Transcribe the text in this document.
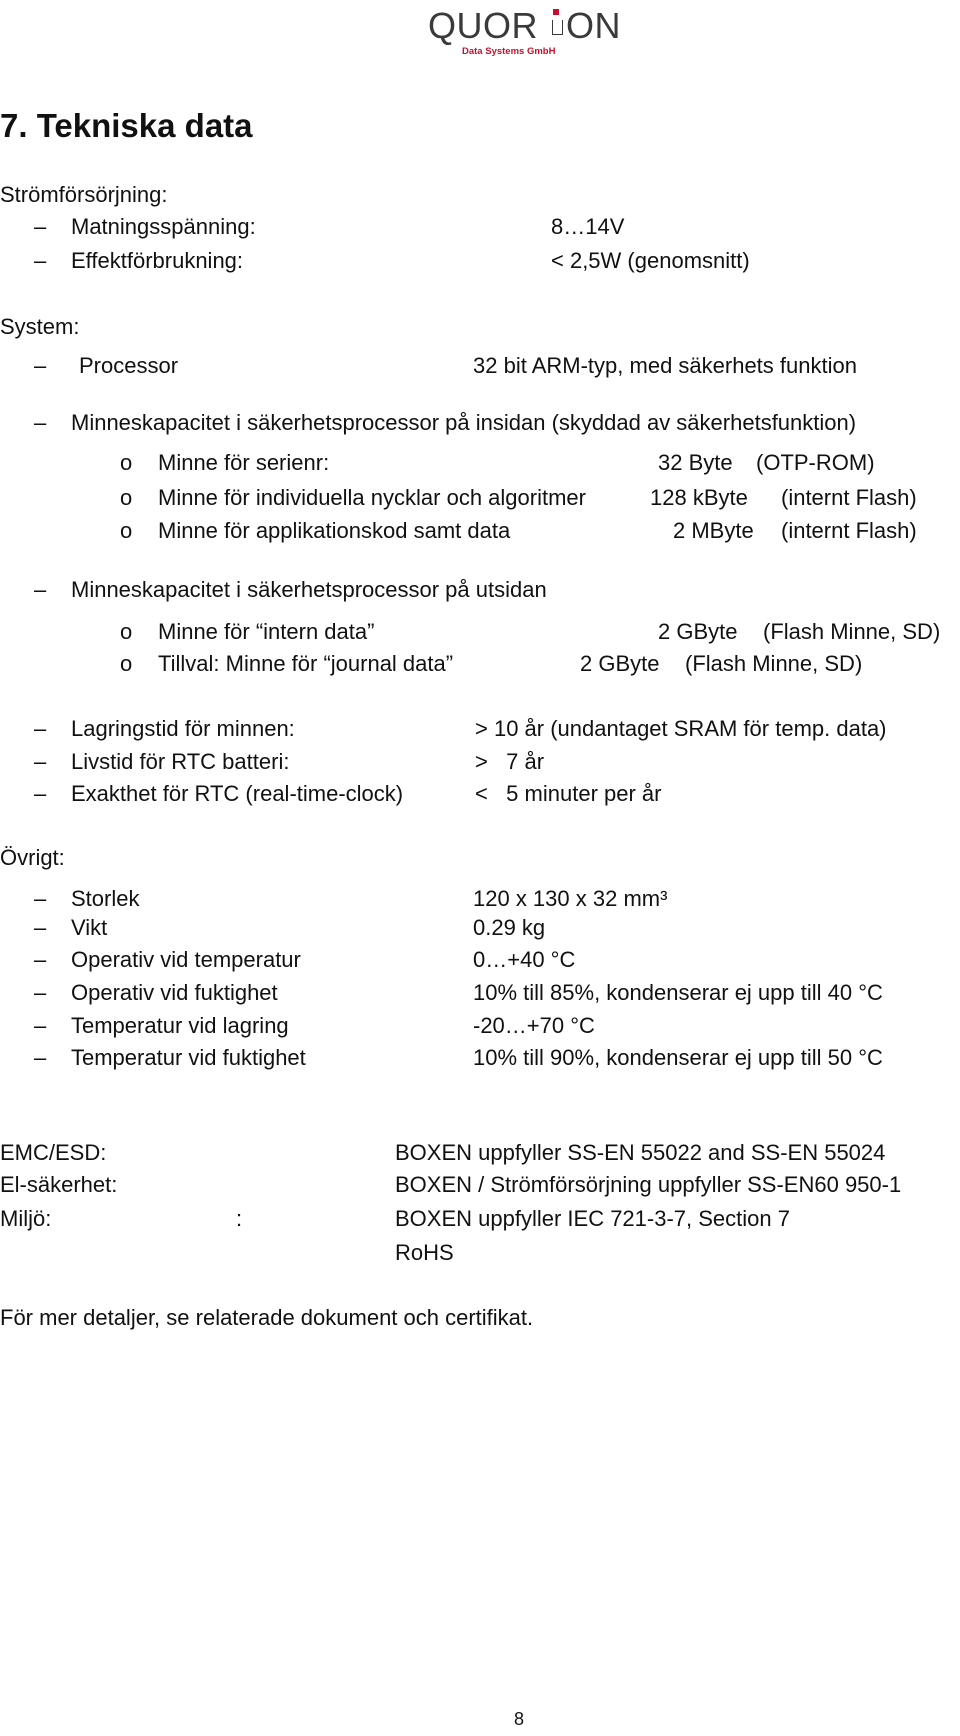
QUOR ON
Data Systems GmbH
7. Tekniska data
Strömförsörjning:
– Matningsspänning:	8…14V
– Effektförbrukning:	< 2,5W (genomsnitt)
System:
– Processor	32 bit ARM-typ, med säkerhets funktion
– Minneskapacitet i säkerhetsprocessor på insidan (skyddad av säkerhetsfunktion)
o Minne för serienr:	32 Byte (OTP-ROM)
o Minne för individuella nycklar och algoritmer	128 kByte (internt Flash)
o Minne för applikationskod samt data	2 MByte (internt Flash)
– Minneskapacitet i säkerhetsprocessor på utsidan
o Minne för “intern data”	2 GByte (Flash Minne, SD)
o Tillval: Minne för “journal data”	2 GByte (Flash Minne, SD)
– Lagringstid för minnen:	> 10 år (undantaget SRAM för temp. data)
– Livstid för RTC batteri:	>   7 år
– Exakthet för RTC (real-time-clock)	<   5 minuter per år
Övrigt:
– Storlek	120 x 130 x 32 mm³
– Vikt	0.29 kg
– Operativ vid temperatur	0…+40 °C
– Operativ vid fuktighet	10% till 85%, kondenserar ej upp till 40 °C
– Temperatur vid lagring	-20…+70 °C
– Temperatur vid fuktighet	10% till 90%, kondenserar ej upp till 50 °C
EMC/ESD:	BOXEN uppfyller SS-EN 55022 and SS-EN 55024
El-säkerhet:	BOXEN / Strömförsörjning uppfyller SS-EN60 950-1
Miljö:	:	BOXEN uppfyller IEC 721-3-7, Section 7
RoHS
För mer detaljer, se relaterade dokument och certifikat.
8
